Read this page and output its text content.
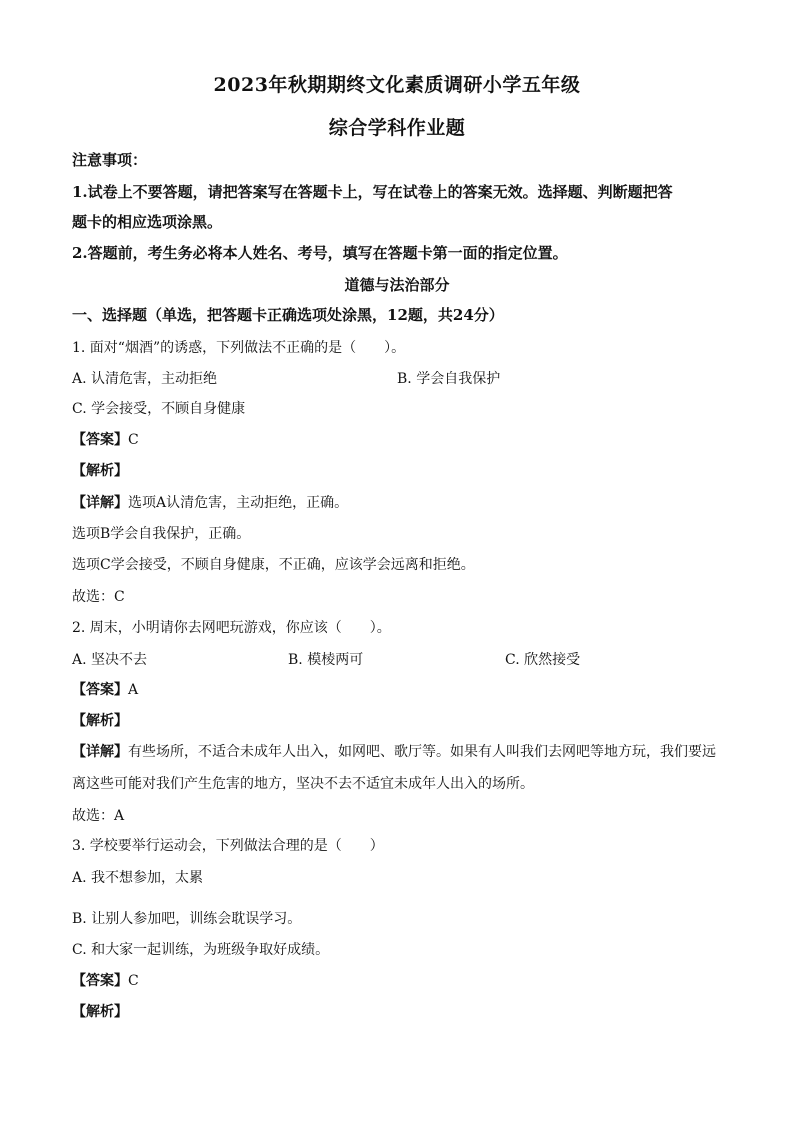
2023年秋期期终文化素质调研小学五年级
综合学科作业题
注意事项：
1.试卷上不要答题，请把答案写在答题卡上，写在试卷上的答案无效。选择题、判断题把答
题卡的相应选项涂黑。
2.答题前，考生务必将本人姓名、考号，填写在答题卡第一面的指定位置。
道德与法治部分
一、选择题（单选，把答题卡正确选项处涂黑，12题，共24分）
1. 面对“烟酒”的诱惑，下列做法不正确的是（　　）。
A. 认清危害，主动拒绝	B. 学会自我保护
C. 学会接受，不顾自身健康
【答案】C
【解析】
【详解】选项A认清危害，主动拒绝，正确。
选项B学会自我保护，正确。
选项C学会接受，不顾自身健康，不正确，应该学会远离和拒绝。
故选：C
2. 周末，小明请你去网吧玩游戏，你应该（　　）。
A. 坚决不去	B. 模棱两可	C. 欣然接受
【答案】A
【解析】
【详解】有些场所，不适合未成年人出入，如网吧、歌厅等。如果有人叫我们去网吧等地方玩，我们要远
离这些可能对我们产生危害的地方，坚决不去不适宜未成年人出入的场所。
故选：A
3. 学校要举行运动会，下列做法合理的是（　　）
A. 我不想参加，太累
B. 让别人参加吧，训练会耽误学习。
C. 和大家一起训练，为班级争取好成绩。
【答案】C
【解析】
